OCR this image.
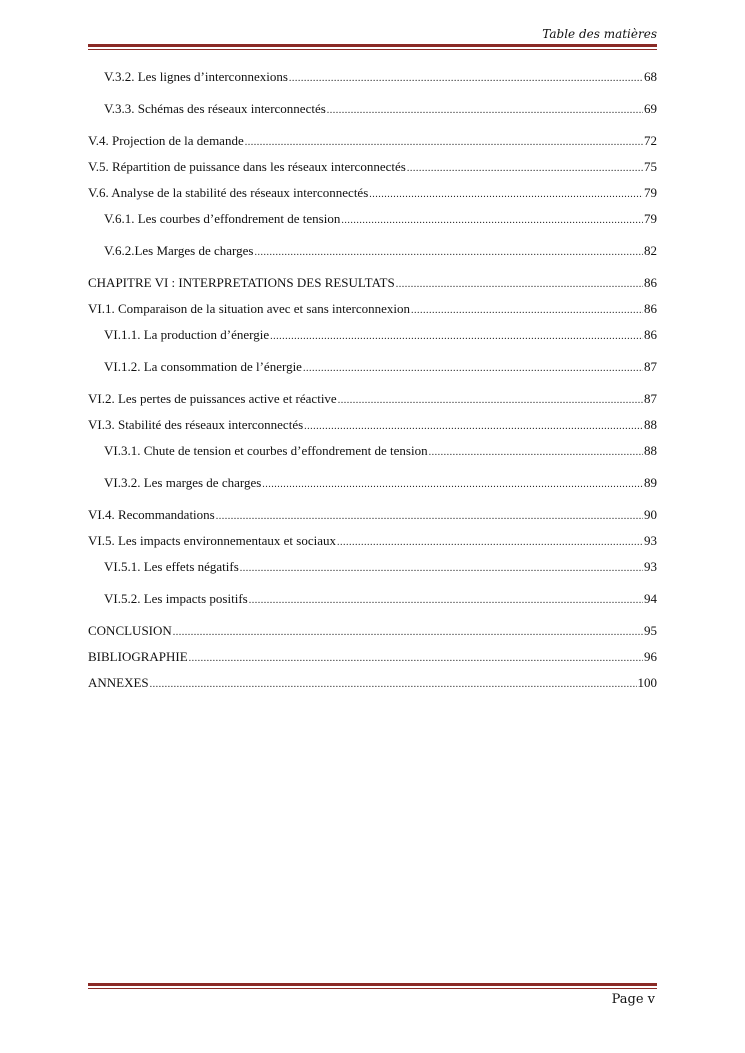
Table des matières
V.3.2. Les lignes d’interconnexions .....	68
V.3.3. Schémas des réseaux interconnectés .....	69
V.4. Projection de la demande .....	72
V.5. Répartition de puissance dans les réseaux interconnectés .....	75
V.6. Analyse de la stabilité des réseaux interconnectés .....	79
V.6.1. Les courbes d’effondrement de tension .....	79
V.6.2.Les Marges de charges .....	82
CHAPITRE VI : INTERPRETATIONS DES RESULTATS .....	86
VI.1. Comparaison de la situation avec et sans interconnexion .....	86
VI.1.1. La production d’énergie .....	86
VI.1.2. La consommation de l’énergie .....	87
VI.2. Les pertes de puissances active et réactive .....	87
VI.3. Stabilité des réseaux interconnectés .....	88
VI.3.1. Chute de tension et courbes d’effondrement de tension .....	88
VI.3.2. Les marges de charges .....	89
VI.4. Recommandations .....	90
VI.5. Les impacts environnementaux et sociaux .....	93
VI.5.1. Les effets négatifs .....	93
VI.5.2. Les impacts positifs .....	94
CONCLUSION .....	95
BIBLIOGRAPHIE .....	96
ANNEXES .....	100
Page v
